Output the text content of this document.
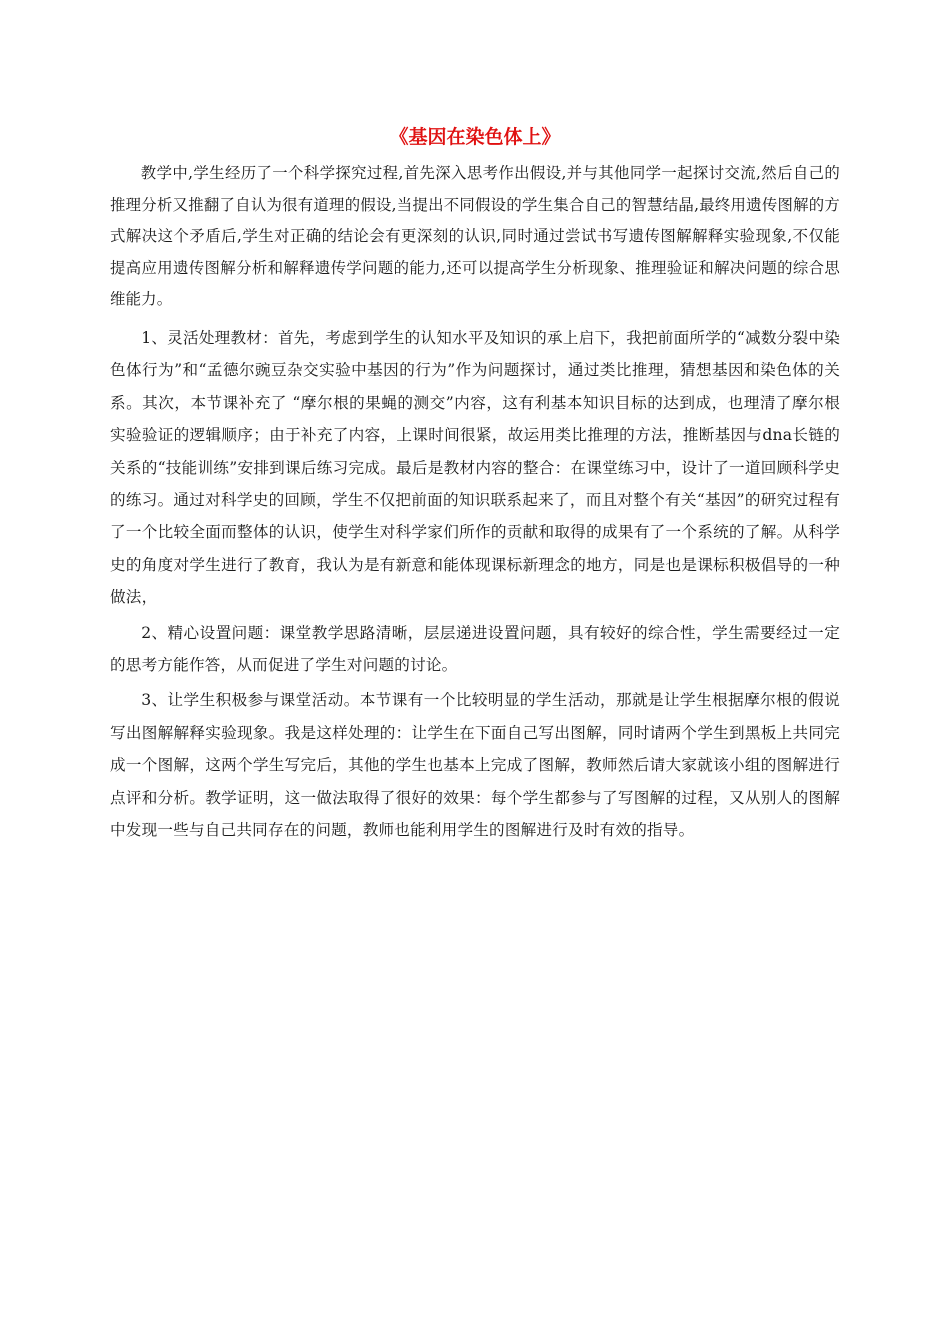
《基因在染色体上》

教学中,学生经历了一个科学探究过程,首先深入思考作出假设,并与其他同学一起探讨交流,然后自己的推理分析又推翻了自认为很有道理的假设,当提出不同假设的学生集合自己的智慧结晶,最终用遗传图解的方式解决这个矛盾后,学生对正确的结论会有更深刻的认识,同时通过尝试书写遗传图解解释实验现象,不仅能提高应用遗传图解分析和解释遗传学问题的能力,还可以提高学生分析现象、推理验证和解决问题的综合思维能力。

1、灵活处理教材：首先，考虑到学生的认知水平及知识的承上启下，我把前面所学的“减数分裂中染色体行为”和“孟德尔豌豆杂交实验中基因的行为”作为问题探讨，通过类比推理，猜想基因和染色体的关系。其次，本节课补充了 “摩尔根的果蝇的测交”内容，这有利基本知识目标的达到成，也理清了摩尔根实验验证的逻辑顺序；由于补充了内容，上课时间很紧，故运用类比推理的方法，推断基因与dna长链的关系的“技能训练”安排到课后练习完成。最后是教材内容的整合：在课堂练习中，设计了一道回顾科学史的练习。通过对科学史的回顾，学生不仅把前面的知识联系起来了，而且对整个有关“基因”的研究过程有了一个比较全面而整体的认识，使学生对科学家们所作的贡献和取得的成果有了一个系统的了解。从科学史的角度对学生进行了教育，我认为是有新意和能体现课标新理念的地方，同是也是课标积极倡导的一种做法，

2、精心设置问题：课堂教学思路清晰，层层递进设置问题，具有较好的综合性，学生需要经过一定的思考方能作答，从而促进了学生对问题的讨论。

3、让学生积极参与课堂活动。本节课有一个比较明显的学生活动，那就是让学生根据摩尔根的假说写出图解解释实验现象。我是这样处理的：让学生在下面自己写出图解，同时请两个学生到黑板上共同完成一个图解，这两个学生写完后，其他的学生也基本上完成了图解，教师然后请大家就该小组的图解进行点评和分析。教学证明，这一做法取得了很好的效果：每个学生都参与了写图解的过程，又从别人的图解中发现一些与自己共同存在的问题，教师也能利用学生的图解进行及时有效的指导。
